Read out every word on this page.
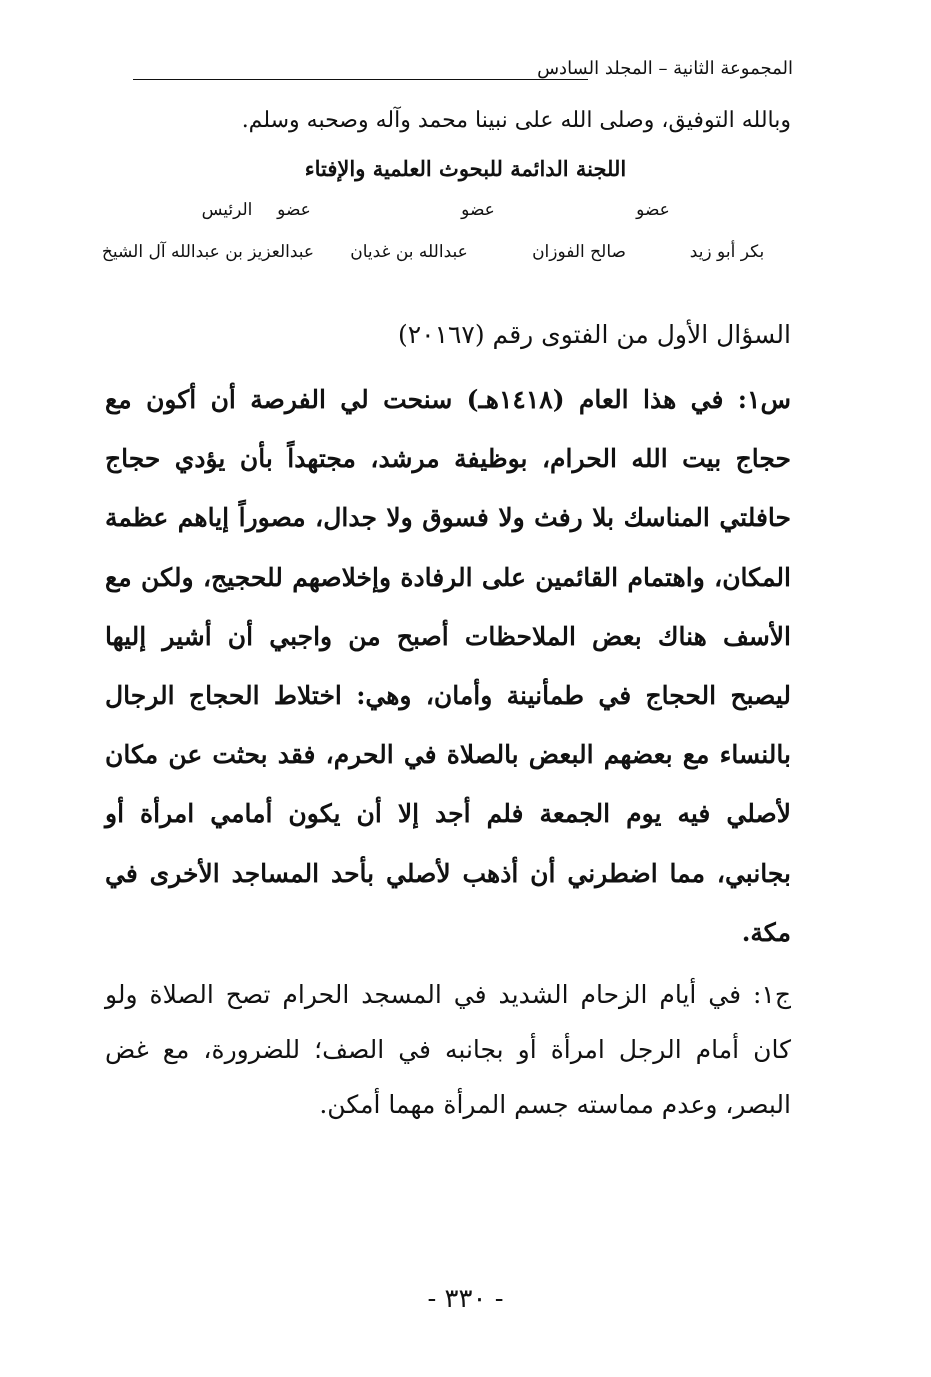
المجموعة الثانية – المجلد السادس
وبالله التوفيق، وصلى الله على نبينا محمد وآله وصحبه وسلم.
اللجنة الدائمة للبحوث العلمية والإفتاء
عضو
عضو
عضو
الرئيس
بكر أبو زيد
صالح الفوزان
عبدالله بن غديان
عبدالعزيز بن عبدالله آل الشيخ
السؤال الأول من الفتوى رقم (٢٠١٦٧)
س١: في هذا العام (١٤١٨هـ) سنحت لي الفرصة أن أكون مع حجاج بيت الله الحرام، بوظيفة مرشد، مجتهداً بأن يؤدي حجاج حافلتي المناسك بلا رفث ولا فسوق ولا جدال، مصوراً إياهم عظمة المكان، واهتمام القائمين على الرفادة وإخلاصهم للحجيج، ولكن مع الأسف هناك بعض الملاحظات أصبح من واجبي أن أشير إليها ليصبح الحجاج في طمأنينة وأمان، وهي: اختلاط الحجاج الرجال بالنساء مع بعضهم البعض بالصلاة في الحرم، فقد بحثت عن مكان لأصلي فيه يوم الجمعة فلم أجد إلا أن يكون أمامي امرأة أو بجانبي، مما اضطرني أن أذهب لأصلي بأحد المساجد الأخرى في مكة.
ج١: في أيام الزحام الشديد في المسجد الحرام تصح الصلاة ولو كان أمام الرجل امرأة أو بجانبه في الصف؛ للضرورة، مع غض البصر، وعدم مماسته جسم المرأة مهما أمكن.
- ٣٣٠ -
